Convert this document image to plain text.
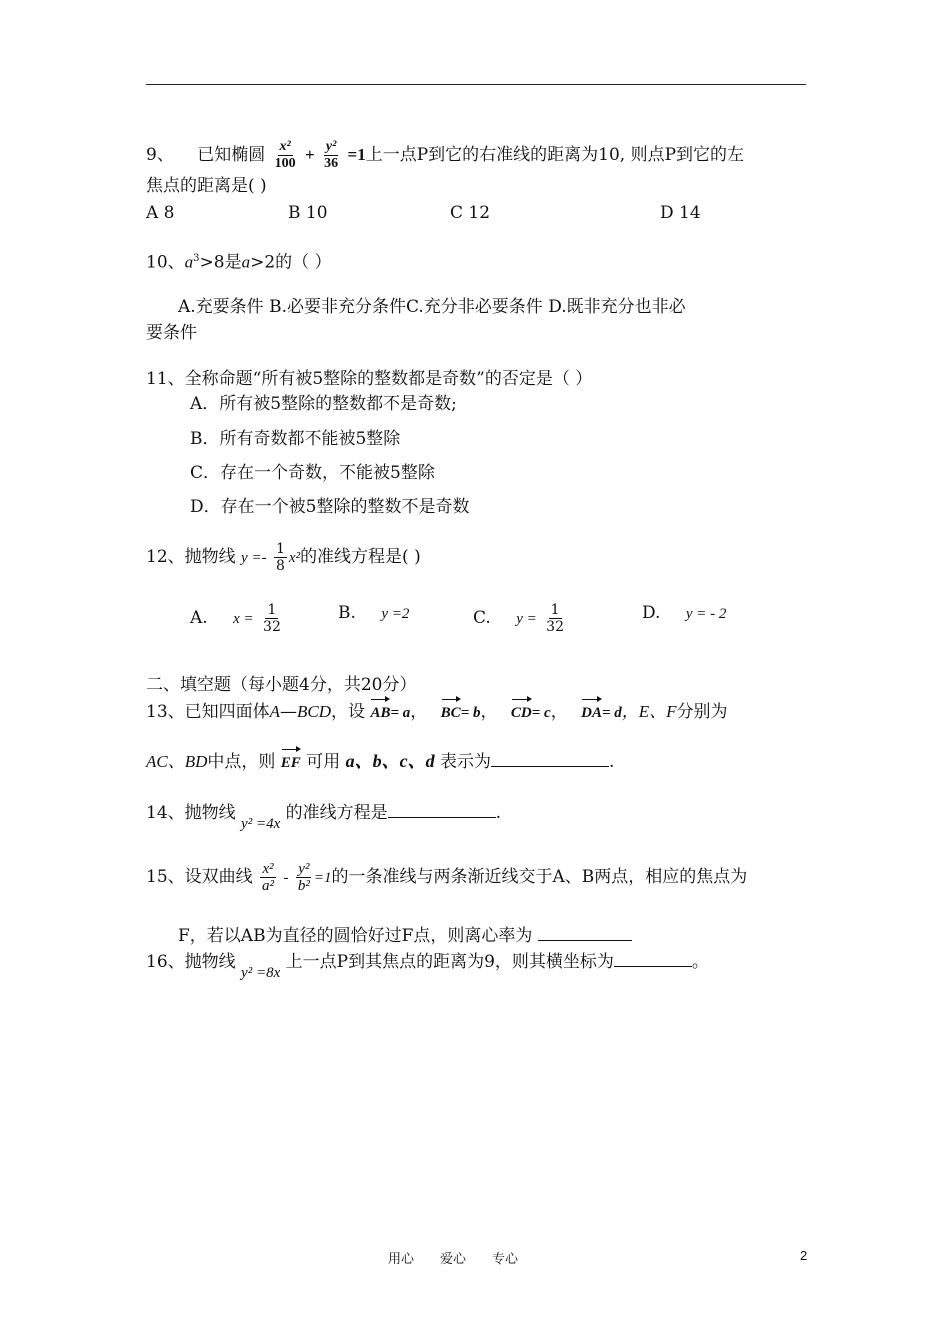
9、 已知椭圆 $\frac{\text{x²}}{100} + \frac{\text{y²}}{36} =1$上一点P到它的右准线的距离为10, 则点P到它的左
焦点的距离是( )
A 8	B 10	C 12	D 14
10、$a^3>8$是a>2的（ ）
A.充要条件 B.必要非充分条件C.充分非必要条件 D.既非充分也非必
要条件
11、全称命题“所有被5整除的整数都是奇数”的否定是（ ）
A．所有被5整除的整数都不是奇数;
B．所有奇数都不能被5整除
C．存在一个奇数，不能被5整除
D．存在一个被5整除的整数不是奇数
12、抛物线 $y =- \frac{1}{8} x^2$的准线方程是( )
A. $x = \frac{1}{32}$	B. y =2	C. $y = \frac{1}{32}$	D. y = - 2
二、填空题（每小题4分，共20分）
13、已知四面体A—BCD，设 AB= a， BC= b， CD= c， DA= d，E、F分别为
AC、BD中点，则 EF 可用 a、b、c、d 表示为	.
14、抛物线 y² =4x 的准线方程是	.
15、设双曲线 $\frac{\text{x²}}{\text{a²}} - \frac{\text{y²}}{\text{b²}} =1$的一条准线与两条渐近线交于A、B两点，相应的焦点为
F，若以AB为直径的圆恰好过F点，则离心率为
16、抛物线 y² =8x 上一点P到其焦点的距离为9，则其横坐标为	。
用心 爱心 专心	2
